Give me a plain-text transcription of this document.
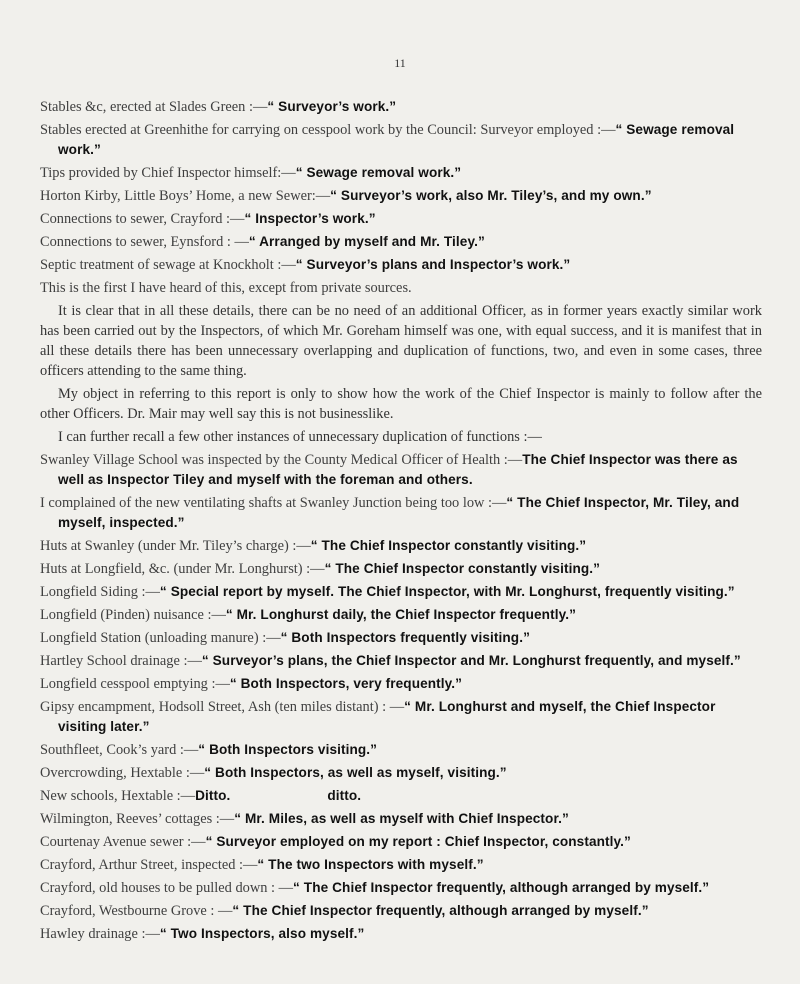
11

Stables &c, erected at Slades Green :—“ Surveyor’s work.”

Stables erected at Greenhithe for carrying on cesspool work by the Council: Surveyor employed :—“ Sewage removal work.”

Tips provided by Chief Inspector himself:—“ Sewage removal work.”

Horton Kirby, Little Boys’ Home, a new Sewer:—“ Surveyor’s work, also Mr. Tiley’s, and my own.”

Connections to sewer, Crayford :—“ Inspector’s work.”

Connections to sewer, Eynsford : —“ Arranged by myself and Mr. Tiley.”

Septic treatment of sewage at Knockholt :—“ Surveyor’s plans and Inspector’s work.”

This is the first I have heard of this, except from private sources.

It is clear that in all these details, there can be no need of an additional Officer, as in former years exactly similar work has been carried out by the Inspectors, of which Mr. Goreham himself was one, with equal success, and it is manifest that in all these details there has been unnecessary overlapping and duplication of functions, two, and even in some cases, three officers attending to the same thing.

My object in referring to this report is only to show how the work of the Chief Inspector is mainly to follow after the other Officers. Dr. Mair may well say this is not businesslike.

I can further recall a few other instances of unnecessary duplication of functions :—

Swanley Village School was inspected by the County Medical Officer of Health :—The Chief Inspector was there as well as Inspector Tiley and myself with the foreman and others.

I complained of the new ventilating shafts at Swanley Junction being too low :—“ The Chief Inspector, Mr. Tiley, and myself, inspected.”

Huts at Swanley (under Mr. Tiley’s charge) :—“ The Chief Inspector constantly visiting.”

Huts at Longfield, &c. (under Mr. Longhurst) :—“ The Chief Inspector constantly visiting.”

Longfield Siding :—“ Special report by myself. The Chief Inspector, with Mr. Longhurst, frequently visiting.”

Longfield (Pinden) nuisance :—“ Mr. Longhurst daily, the Chief Inspector frequently.”

Longfield Station (unloading manure) :—“ Both Inspectors frequently visiting.”

Hartley School drainage :—“ Surveyor’s plans, the Chief Inspector and Mr. Longhurst frequently, and myself.”

Longfield cesspool emptying :—“ Both Inspectors, very frequently.”

Gipsy encampment, Hodsoll Street, Ash (ten miles distant) : —“ Mr. Longhurst and myself, the Chief Inspector visiting later.”

Southfleet, Cook’s yard :—“ Both Inspectors visiting.”

Overcrowding, Hextable :—“ Both Inspectors, as well as myself, visiting.”

New schools, Hextable :—Ditto.                         ditto.

Wilmington, Reeves’ cottages :—“ Mr. Miles, as well as myself with Chief Inspector.”

Courtenay Avenue sewer :—“ Surveyor employed on my report : Chief Inspector, constantly.”

Crayford, Arthur Street, inspected :—“ The two Inspectors with myself.”

Crayford, old houses to be pulled down : —“ The Chief Inspector frequently, although arranged by myself.”

Crayford, Westbourne Grove : —“ The Chief Inspector frequently, although arranged by myself.”

Hawley drainage :—“ Two Inspectors, also myself.”
